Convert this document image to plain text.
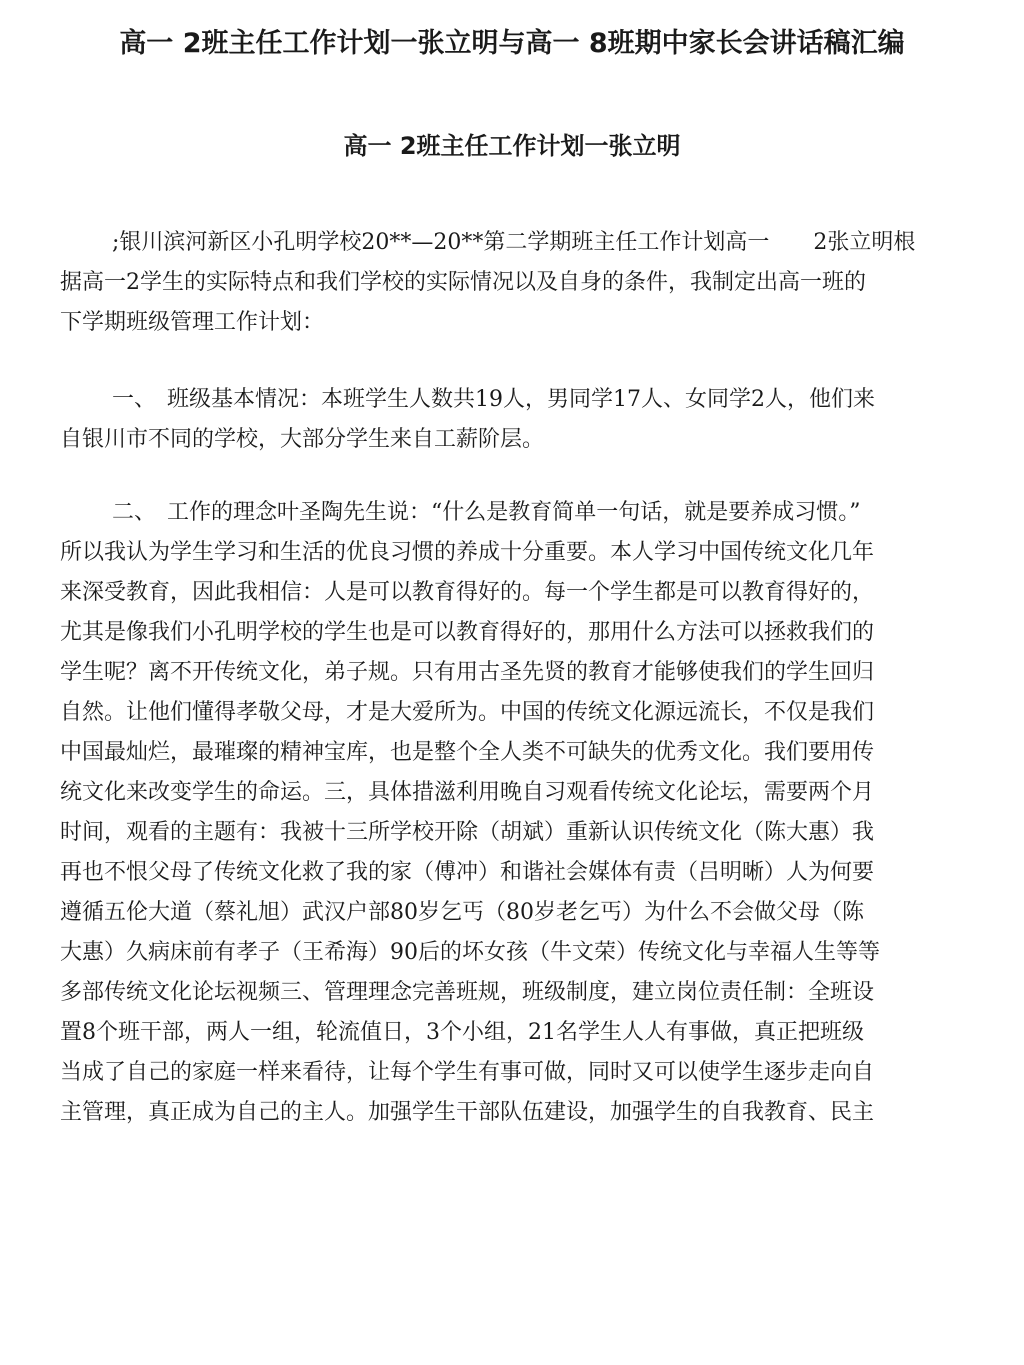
高一 2班主任工作计划一张立明与高一 8班期中家长会讲话稿汇编
高一 2班主任工作计划一张立明
;银川滨河新区小孔明学校20**—20**第二学期班主任工作计划高一　　2张立明根
据高一2学生的实际特点和我们学校的实际情况以及自身的条件，我制定出高一班的
下学期班级管理工作计划：
一、　班级基本情况：本班学生人数共19人，男同学17人、女同学2人，他们来
自银川市不同的学校，大部分学生来自工薪阶层。
二、　工作的理念叶圣陶先生说：“什么是教育简单一句话，就是要养成习惯。”
所以我认为学生学习和生活的优良习惯的养成十分重要。本人学习中国传统文化几年
来深受教育，因此我相信：人是可以教育得好的。每一个学生都是可以教育得好的，
尤其是像我们小孔明学校的学生也是可以教育得好的，那用什么方法可以拯救我们的
学生呢？离不开传统文化，弟子规。只有用古圣先贤的教育才能够使我们的学生回归
自然。让他们懂得孝敬父母，才是大爱所为。中国的传统文化源远流长，不仅是我们
中国最灿烂，最璀璨的精神宝库，也是整个全人类不可缺失的优秀文化。我们要用传
统文化来改变学生的命运。三，具体措滋利用晚自习观看传统文化论坛，需要两个月
时间，观看的主题有：我被十三所学校开除（胡斌）重新认识传统文化（陈大惠）我
再也不恨父母了传统文化救了我的家（傅冲）和谐社会媒体有责（吕明晰）人为何要
遵循五伦大道（蔡礼旭）武汉户部80岁乞丐（80岁老乞丐）为什么不会做父母（陈
大惠）久病床前有孝子（王希海）90后的坏女孩（牛文荣）传统文化与幸福人生等等
多部传统文化论坛视频三、管理理念完善班规，班级制度，建立岗位责任制：全班设
置8个班干部，两人一组，轮流值日，3个小组，21名学生人人有事做，真正把班级
当成了自己的家庭一样来看待，让每个学生有事可做，同时又可以使学生逐步走向自
主管理，真正成为自己的主人。加强学生干部队伍建设，加强学生的自我教育、民主
